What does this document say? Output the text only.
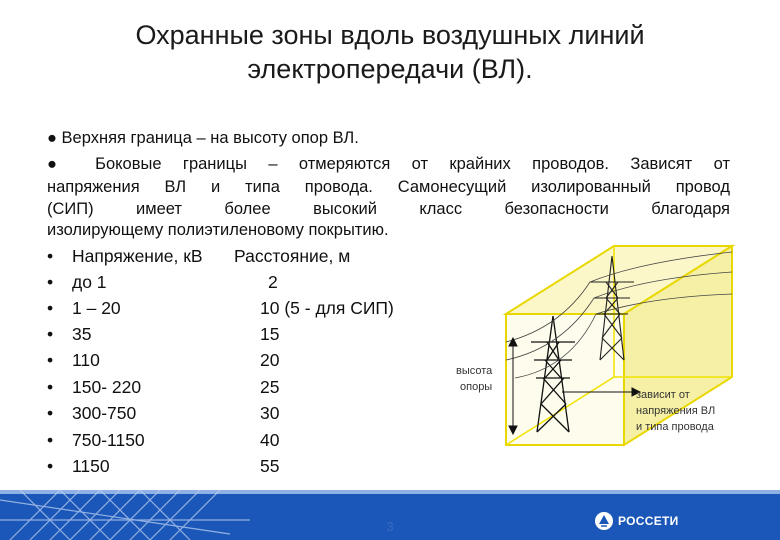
Охранные зоны вдоль воздушных линий
электропередачи (ВЛ).
● Верхняя граница – на высоту опор ВЛ.
● Боковые границы – отмеряются от крайних проводов. Зависят от
напряжения ВЛ и типа провода. Самонесущий изолированный провод
(СИП) имеет более высокий класс безопасности благодаря
изолирующему полиэтиленовому покрытию.
•	Напряжение, кВ Расстояние, м
•	до 1	2
•	1 – 20	10 (5 - для СИП)
•	35	15
•	110	20
•	150- 220	25
•	300-750	30
•	750-1150	40
•	1150	55
высота
опоры
зависит от
напряжения ВЛ
и типа провода
3	РОССЕТИ
